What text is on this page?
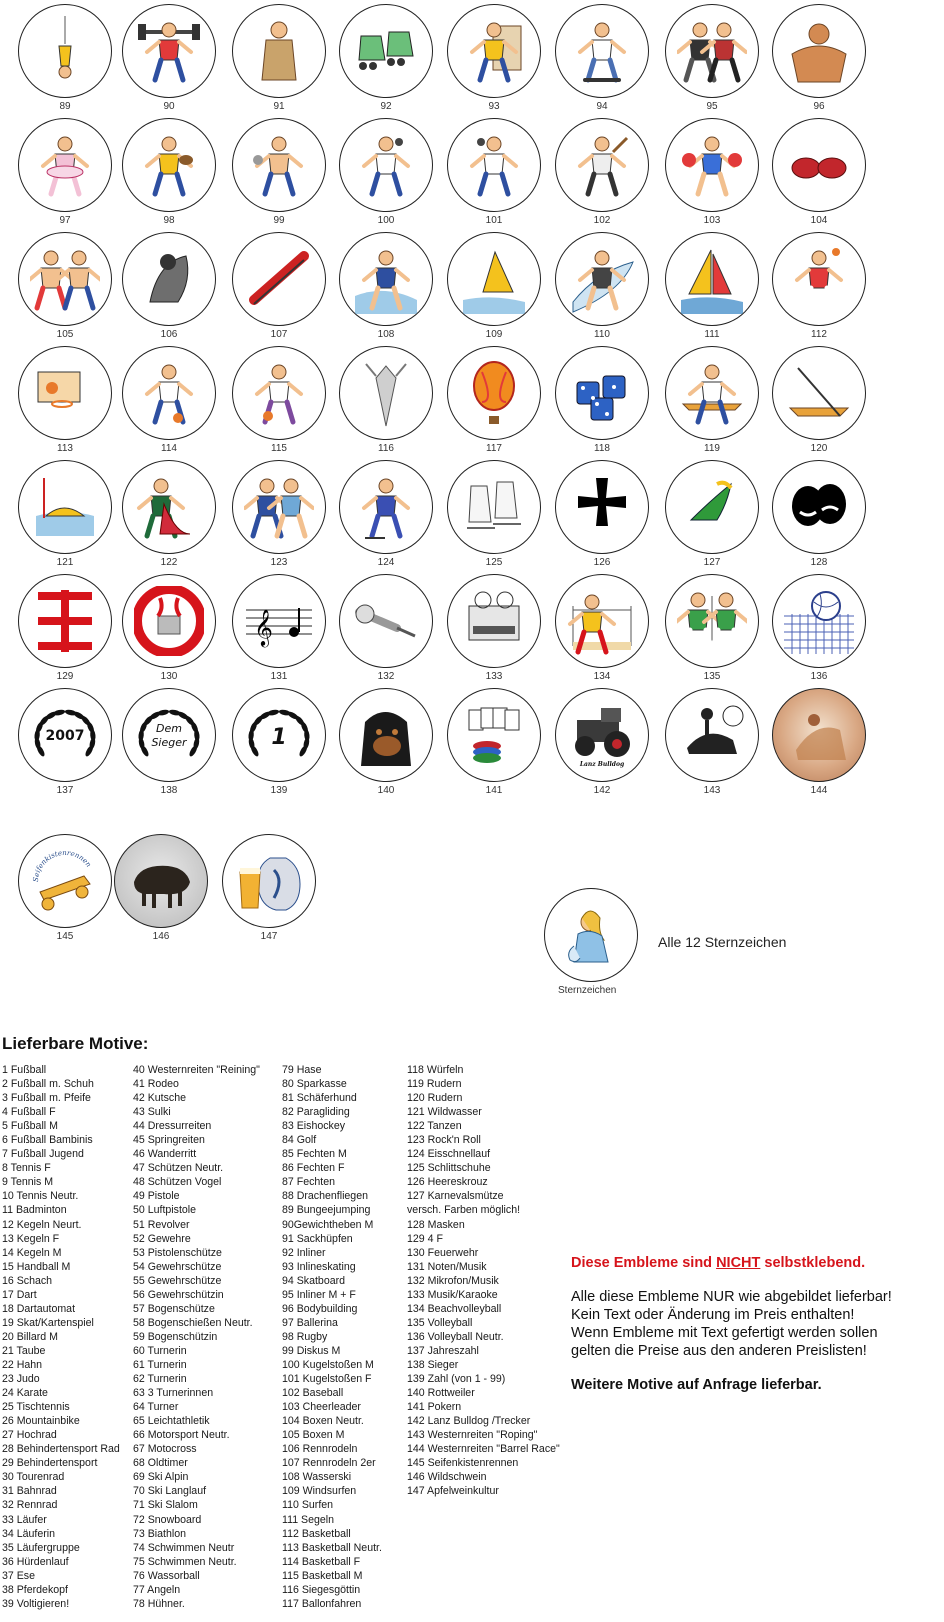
89	90	91	92	93	94	95	96
97	98	99	100	101	102	103	104
105	106	107	108	109	110	111	112
113	114	115	116	117	118	119	120
121	122	123	124	125	126	127	128
129	130
𝄞
131	132	133	134	135	136
2007
137
Dem
Sieger
138
1
139	140	141
Lanz Bulldog
142	143	144
Seifenkistenrennen
145	146	147
Sternzeichen
Alle 12 Sternzeichen
Lieferbare Motive:
1 Fußball
2 Fußball m. Schuh
3 Fußball m. Pfeife
4 Fußball F
5 Fußball M
6 Fußball Bambinis
7 Fußball Jugend
8 Tennis F
9 Tennis M
10 Tennis Neutr.
11 Badminton
12 Kegeln Neurt.
13 Kegeln F
14 Kegeln M
15 Handball M
16 Schach
17 Dart
18 Dartautomat
19 Skat/Kartenspiel
20 Billard M
21 Taube
22 Hahn
23 Judo
24 Karate
25 Tischtennis
26 Mountainbike
27 Hochrad
28 Behindertensport Rad
29 Behindertensport
30 Tourenrad
31 Bahnrad
32 Rennrad
33 Läufer
34 Läuferin
35 Läufergruppe
36 Hürdenlauf
37 Ese
38 Pferdekopf
39 Voltigieren!
40 Westernreiten "Reining"
41 Rodeo
42 Kutsche
43 Sulki
44 Dressurreiten
45 Springreiten
46 Wanderritt
47 Schützen Neutr.
48 Schützen Vogel
49 Pistole
50 Luftpistole
51 Revolver
52 Gewehre
53 Pistolenschütze
54 Gewehrschütze
55 Gewehrschütze
56 Gewehrschützin
57 Bogenschütze
58 Bogenschießen Neutr.
59 Bogenschützin
60 Turnerin
61 Turnerin
62 Turnerin
63 3 Turnerinnen
64 Turner
65 Leichtathletik
66 Motorsport Neutr.
67 Motocross
68 Oldtimer
69 Ski Alpin
70 Ski Langlauf
71 Ski Slalom
72 Snowboard
73 Biathlon
74 Schwimmen Neutr
75 Schwimmen Neutr.
76 Wassorball
77 Angeln
78 Hühner.
79 Hase
80 Sparkasse
81 Schäferhund
82 Paragliding
83 Eishockey
84 Golf
85 Fechten M
86 Fechten F
87 Fechten
88 Drachenfliegen
89 Bungeejumping
90Gewichtheben M
91 Sackhüpfen
92 Inliner
93 Inlineskating
94 Skatboard
95 Inliner M + F
96 Bodybuilding
97 Ballerina
98 Rugby
99 Diskus M
100 Kugelstoßen M
101 Kugelstoßen F
102 Baseball
103 Cheerleader
104 Boxen Neutr.
105 Boxen M
106 Rennrodeln
107 Rennrodeln 2er
108 Wasserski
109 Windsurfen
110 Surfen
111 Segeln
112 Basketball
113 Basketball Neutr.
114 Basketball F
115 Basketball M
116 Siegesgöttin
117 Ballonfahren
118 Würfeln
119 Rudern
120 Rudern
121 Wildwasser
122 Tanzen
123 Rock'n Roll
124 Eisschnellauf
125 Schlittschuhe
126 Heereskrouz
127 Karnevalsmütze
versch. Farben möglich!
128 Masken
129 4 F
130 Feuerwehr
131 Noten/Musik
132 Mikrofon/Musik
133 Musik/Karaoke
134 Beachvolleyball
135 Volleyball
136 Volleyball Neutr.
137 Jahreszahl
138 Sieger
139 Zahl (von 1 - 99)
140 Rottweiler
141 Pokern
142 Lanz Bulldog /Trecker
143 Westernreiten "Roping"
144 Westernreiten "Barrel Race"
145 Seifenkistenrennen
146 Wildschwein
147 Apfelweinkultur

Diese Embleme sind NICHT selbstklebend.

Alle diese Embleme NUR wie abgebildet lieferbar!
Kein Text oder Änderung im Preis enthalten!
Wenn Embleme mit Text gefertigt werden sollen
gelten die Preise aus den anderen Preislisten!

Weitere Motive auf Anfrage lieferbar.
